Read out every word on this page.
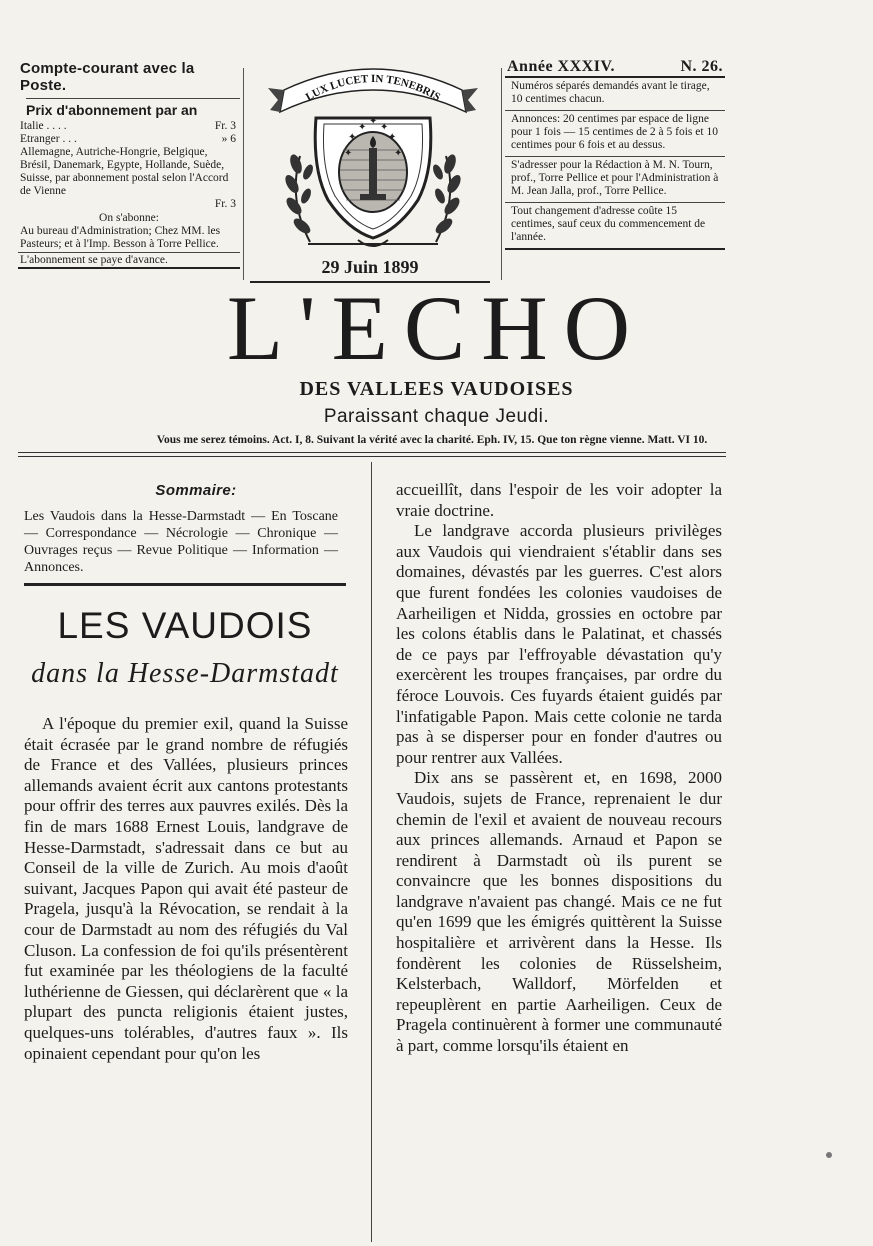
Compte-courant avec la Poste.
Prix d'abonnement par an
Italie . . . .	Fr. 3
Etranger . . .	» 6
Allemagne, Autriche-Hongrie, Belgique, Brésil, Danemark, Egypte, Hollande, Suède, Suisse, par abonnement postal selon l'Accord de Vienne
Fr. 3
On s'abonne:
Au bureau d'Administration; Chez MM. les Pasteurs; et à l'Imp. Besson à Torre Pellice.
L'abonnement se paye d'avance.
LUX LUCET IN TENEBRIS
✦	✦
✦	✦
✦ ✦
✦
29 Juin 1899
Année XXXIV.	N. 26.
Numéros séparés demandés avant le tirage, 10 centimes chacun.
Annonces: 20 centimes par espace de ligne pour 1 fois — 15 centimes de 2 à 5 fois et 10 centimes pour 6 fois et au dessus.
S'adresser pour la Rédaction à M. N. Tourn, prof., Torre Pellice et pour l'Administration à M. Jean Jalla, prof., Torre Pellice.
Tout changement d'adresse coûte 15 centimes, sauf ceux du commencement de l'année.
L'ECHO
DES VALLEES VAUDOISES
Paraissant chaque Jeudi.
Vous me serez témoins. Act. I, 8. Suivant la vérité avec la charité. Eph. IV, 15. Que ton règne vienne. Matt. VI 10.
Sommaire:
Les Vaudois dans la Hesse-Darmstadt — En Toscane — Correspondance — Nécrologie — Chronique — Ouvrages reçus — Revue Politique — Information — Annonces.
LES VAUDOIS
dans la Hesse-Darmstadt
A l'époque du premier exil, quand la Suisse était écrasée par le grand nombre de réfugiés de France et des Vallées, plusieurs princes allemands avaient écrit aux cantons protestants pour offrir des terres aux pauvres exilés. Dès la fin de mars 1688 Ernest Louis, landgrave de Hesse-Darmstadt, s'adressait dans ce but au Conseil de la ville de Zurich. Au mois d'août suivant, Jacques Papon qui avait été pasteur de Pragela, jusqu'à la Révocation, se rendait à la cour de Darmstadt au nom des réfugiés du Val Cluson. La confession de foi qu'ils présentèrent fut examinée par les théologiens de la faculté luthérienne de Giessen, qui déclarèrent que « la plupart des puncta religionis étaient justes, quelques-uns tolérables, d'autres faux ». Ils opinaient cependant pour qu'on les

accueillît, dans l'espoir de les voir adopter la vraie doctrine.

Le landgrave accorda plusieurs privilèges aux Vaudois qui viendraient s'établir dans ses domaines, dévastés par les guerres. C'est alors que furent fondées les colonies vaudoises de Aarheiligen et Nidda, grossies en octobre par les colons établis dans le Palatinat, et chassés de ce pays par l'effroyable dévastation qu'y exercèrent les troupes françaises, par ordre du féroce Louvois. Ces fuyards étaient guidés par l'infatigable Papon. Mais cette colonie ne tarda pas à se disperser pour en fonder d'autres ou pour rentrer aux Vallées.

Dix ans se passèrent et, en 1698, 2000 Vaudois, sujets de France, reprenaient le dur chemin de l'exil et avaient de nouveau recours aux princes allemands. Arnaud et Papon se rendirent à Darmstadt où ils purent se convaincre que les bonnes dispositions du landgrave n'avaient pas changé. Mais ce ne fut qu'en 1699 que les émigrés quittèrent la Suisse hospitalière et arrivèrent dans la Hesse. Ils fondèrent les colonies de Rüsselsheim, Kelsterbach, Walldorf, Mörfelden et repeuplèrent en partie Aarheiligen. Ceux de Pragela continuèrent à former une communauté à part, comme lorsqu'ils étaient en
